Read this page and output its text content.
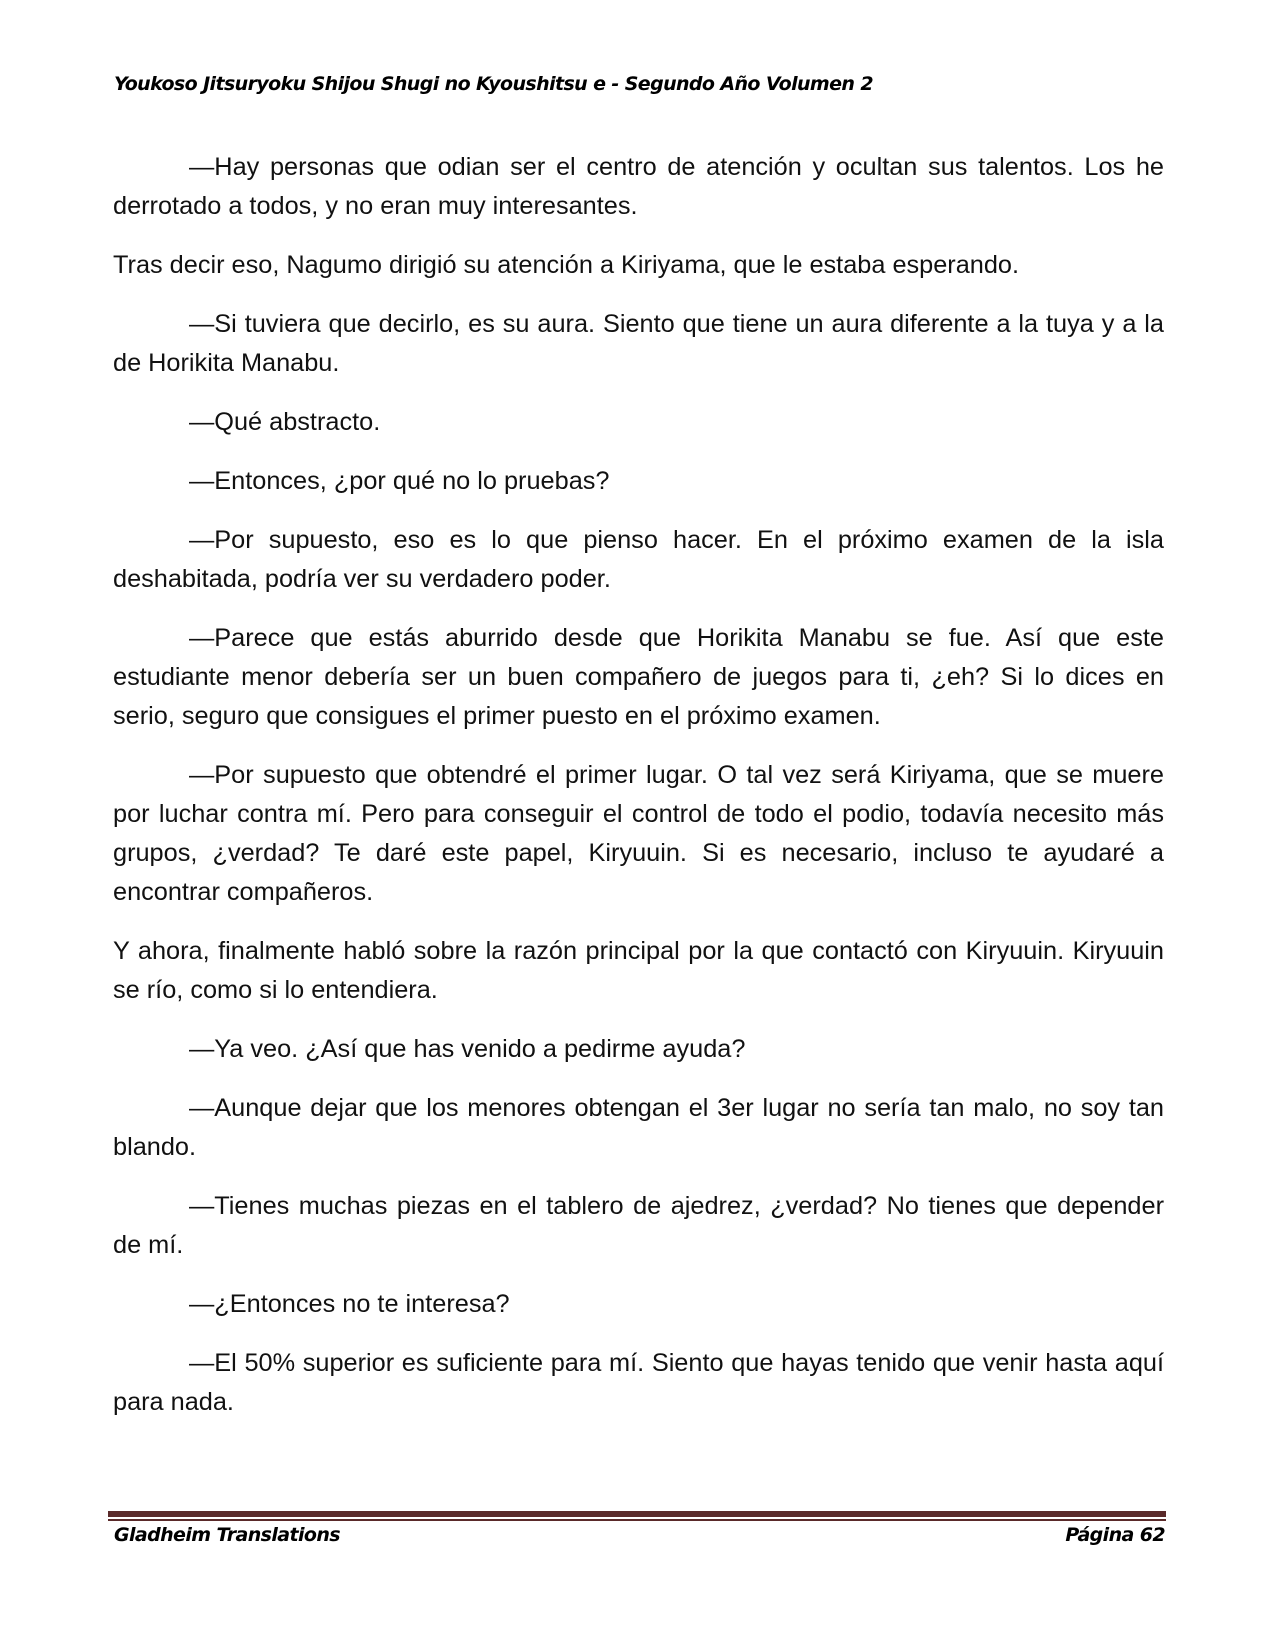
Youkoso Jitsuryoku Shijou Shugi no Kyoushitsu e - Segundo Año Volumen 2

—Hay personas que odian ser el centro de atención y ocultan sus talentos. Los he derrotado a todos, y no eran muy interesantes.

Tras decir eso, Nagumo dirigió su atención a Kiriyama, que le estaba esperando.

—Si tuviera que decirlo, es su aura. Siento que tiene un aura diferente a la tuya y a la de Horikita Manabu.

—Qué abstracto.

—Entonces, ¿por qué no lo pruebas?

—Por supuesto, eso es lo que pienso hacer. En el próximo examen de la isla deshabitada, podría ver su verdadero poder.

—Parece que estás aburrido desde que Horikita Manabu se fue. Así que este estudiante menor debería ser un buen compañero de juegos para ti, ¿eh? Si lo dices en serio, seguro que consigues el primer puesto en el próximo examen.

—Por supuesto que obtendré el primer lugar. O tal vez será Kiriyama, que se muere por luchar contra mí. Pero para conseguir el control de todo el podio, todavía necesito más grupos, ¿verdad? Te daré este papel, Kiryuuin. Si es necesario, incluso te ayudaré a encontrar compañeros.

Y ahora, finalmente habló sobre la razón principal por la que contactó con Kiryuuin. Kiryuuin se río, como si lo entendiera.

—Ya veo. ¿Así que has venido a pedirme ayuda?

—Aunque dejar que los menores obtengan el 3er lugar no sería tan malo, no soy tan blando.

—Tienes muchas piezas en el tablero de ajedrez, ¿verdad? No tienes que depender de mí.

—¿Entonces no te interesa?

—El 50% superior es suficiente para mí. Siento que hayas tenido que venir hasta aquí para nada.

Gladheim Translations	Página 62
